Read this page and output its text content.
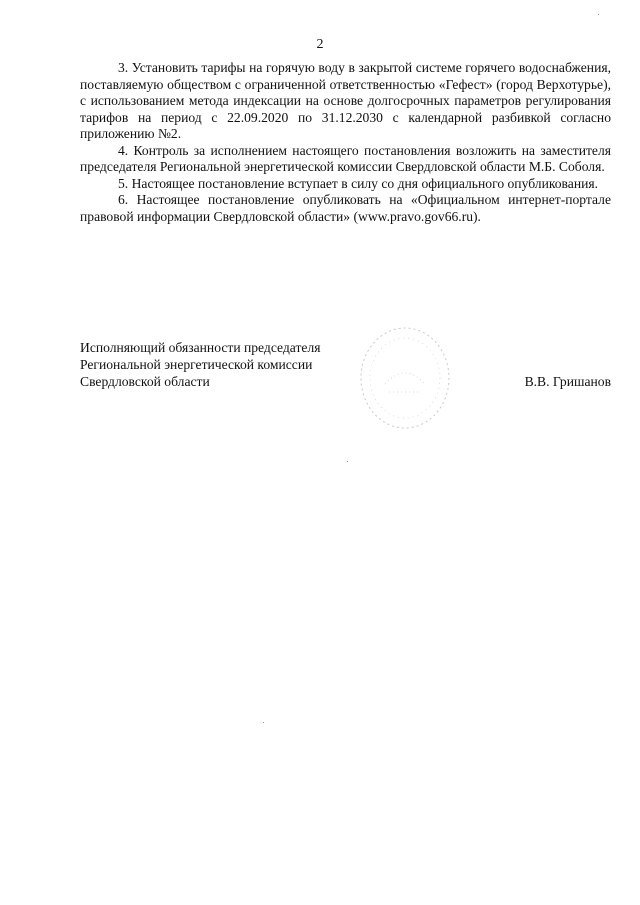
2

3. Установить тарифы на горячую воду в закрытой системе горячего водоснабжения, поставляемую обществом с ограниченной ответственностью «Гефест» (город Верхотурье), с использованием метода индексации на основе долгосрочных параметров регулирования тарифов на период с 22.09.2020 по 31.12.2030 с календарной разбивкой согласно приложению №2.

4. Контроль за исполнением настоящего постановления возложить на заместителя председателя Региональной энергетической комиссии Свердловской области М.Б. Соболя.

5. Настоящее постановление вступает в силу со дня официального опубликования.

6. Настоящее постановление опубликовать на «Официальном интернет-портале правовой информации Свердловской области» (www.pravo.gov66.ru).

Исполняющий обязанности председателя
Региональной энергетической комиссии
Свердловской области	В.В. Гришанов
